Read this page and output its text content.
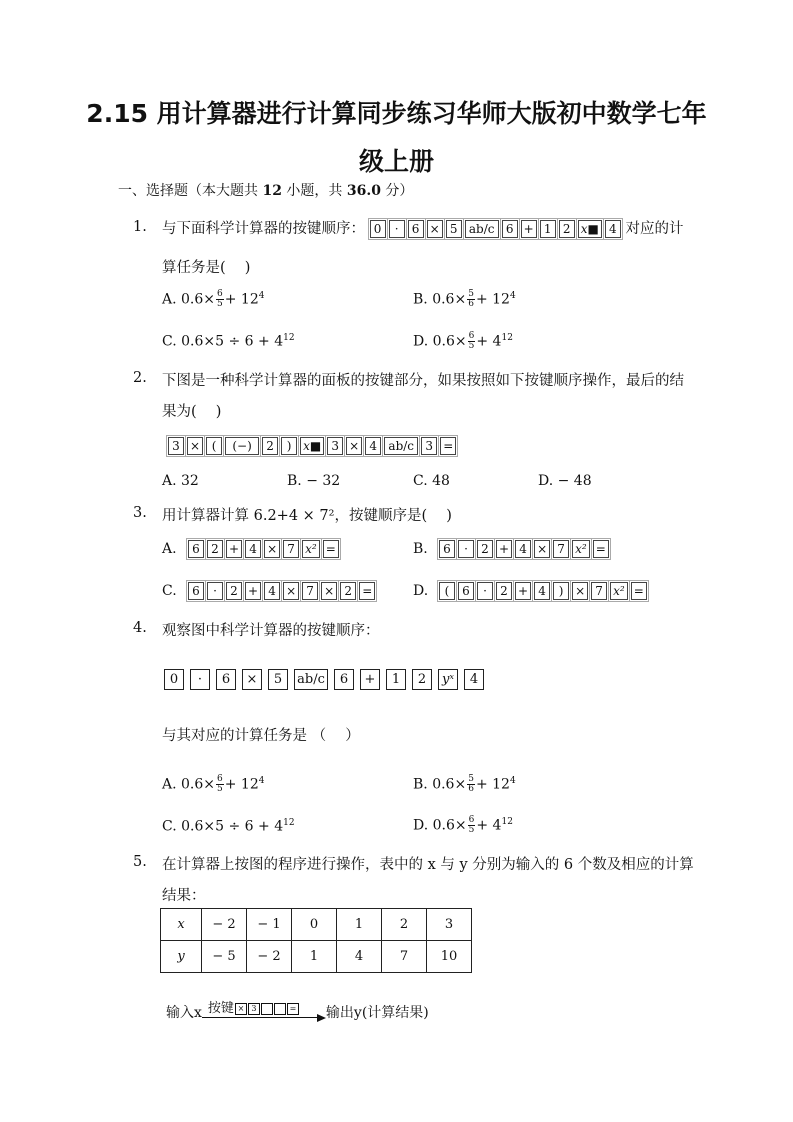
2.15 用计算器进行计算同步练习华师大版初中数学七年
级上册
一、选择题（本大题共 12 小题，共 36.0 分）
1. 与下面科学计算器的按键顺序： 0	·	6 × 5 ab/c 6 + 1 2 x■ 4 对应的计
算任务是(　 )
A. $0.6\times \frac{6}{5} + 12^4$	B. $0.6\times \frac{5}{6} + 12^4$
C. $0.6\times 5 \div 6 + 4^{12}$	D. $0.6\times \frac{6}{5} + 4^{12}$
2. 下图是一种科学计算器的面板的按键部分，如果按照如下按键顺序操作，最后的结
果为(　 )
3 × (	(−)	2	) x■ 3 × 4 ab/c 3 =
A. 32	B. − 32	C. 48	D. − 48
3. 用计算器计算 6.2+4 × 7²，按键顺序是(　 )
A.	6 2 + 4 × 7 x² =	B.	6	·	2 + 4 × 7 x² =
C.	6	·	2 + 4 × 7 × 2 =	D.	(	6	·	2 + 4	) × 7 x² =
4. 观察图中科学计算器的按键顺序：
0	·	6	×	5	ab/c	6	+	1	2	yˣ	4
与其对应的计算任务是 （　 ）
A. $0.6\times \frac{6}{5} + 12^4$	B. $0.6\times \frac{5}{6} + 12^4$
C. $0.6\times 5 \div 6 + 4^{12}$	D. $0.6\times \frac{6}{5} + 4^{12}$
5. 在计算器上按图的程序进行操作，表中的 x 与 y 分别为输入的 6 个数及相应的计算
结果：
x	− 2	− 1	0	1	2	3
y	− 5	− 2	1	4	7	10
输入x 按键 × 3	= 输出y(计算结果)
